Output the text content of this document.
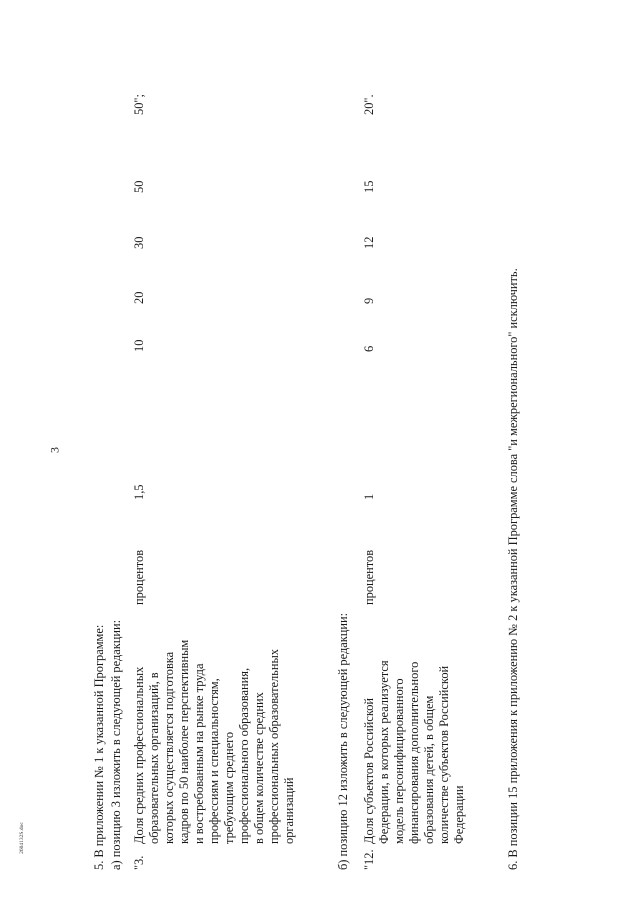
3
2604132S.doc	5. В приложении № 1 к указанной Программе: а) позицию 3 изложить в следующей редакции: "3.
Доля средних профессиональных образовательных организаций, в которых осуществляется подготовка кадров по 50 наиболее перспективным и востребованным на рынке труда профессиям и специальностям, требующим среднего профессионального образования, в общем количестве средних профессиональных образовательных организаций
процентов
1,5
10
20
30
50
50";
б) позицию 12 изложить в следующей редакции: "12.
Доля субъектов Российской Федерации, в которых реализуется модель персонифицированного финансирования дополнительного образования детей, в общем количестве субъектов Российской Федерации
процентов
1
6
9
12
15
20".
6. В позиции 15 приложения к приложению № 2 к указанной Программе слова "и межрегионального" исключить.
